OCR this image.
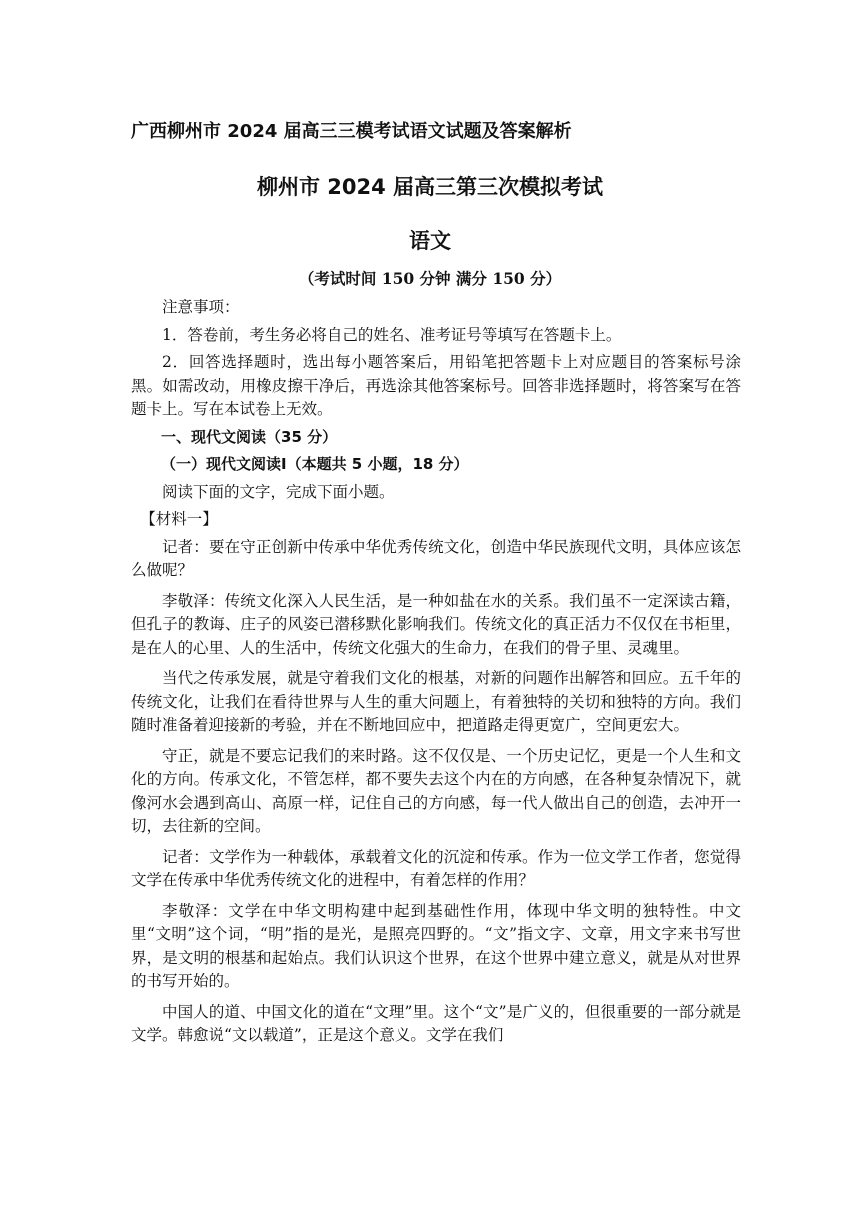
广西柳州市 2024 届高三三模考试语文试题及答案解析
柳州市 2024 届高三第三次模拟考试
语文
（考试时间 150 分钟 满分 150 分）

注意事项：

1．答卷前，考生务必将自己的姓名、准考证号等填写在答题卡上。

2．回答选择题时，选出每小题答案后，用铅笔把答题卡上对应题目的答案标号涂黑。如需改动，用橡皮擦干净后，再选涂其他答案标号。回答非选择题时，将答案写在答题卡上。写在本试卷上无效。

一、现代文阅读（35 分）

（一）现代文阅读Ⅰ（本题共 5 小题，18 分）

阅读下面的文字，完成下面小题。

【材料一】

记者：要在守正创新中传承中华优秀传统文化，创造中华民族现代文明，具体应该怎么做呢？

李敬泽：传统文化深入人民生活，是一种如盐在水的关系。我们虽不一定深读古籍，但孔子的教诲、庄子的风姿已潜移默化影响我们。传统文化的真正活力不仅仅在书柜里，是在人的心里、人的生活中，传统文化强大的生命力，在我们的骨子里、灵魂里。

当代之传承发展，就是守着我们文化的根基，对新的问题作出解答和回应。五千年的传统文化，让我们在看待世界与人生的重大问题上，有着独特的关切和独特的方向。我们随时准备着迎接新的考验，并在不断地回应中，把道路走得更宽广，空间更宏大。

守正，就是不要忘记我们的来时路。这不仅仅是、一个历史记忆，更是一个人生和文化的方向。传承文化，不管怎样，都不要失去这个内在的方向感，在各种复杂情况下，就像河水会遇到高山、高原一样，记住自己的方向感，每一代人做出自己的创造，去冲开一切，去往新的空间。

记者：文学作为一种载体，承载着文化的沉淀和传承。作为一位文学工作者，您觉得文学在传承中华优秀传统文化的进程中，有着怎样的作用？

李敬泽：文学在中华文明构建中起到基础性作用，体现中华文明的独特性。中文里“文明”这个词，“明”指的是光，是照亮四野的。“文”指文字、文章，用文字来书写世界，是文明的根基和起始点。我们认识这个世界，在这个世界中建立意义，就是从对世界的书写开始的。

中国人的道、中国文化的道在“文理”里。这个“文”是广义的，但很重要的一部分就是文学。韩愈说“文以载道”，正是这个意义。文学在我们
